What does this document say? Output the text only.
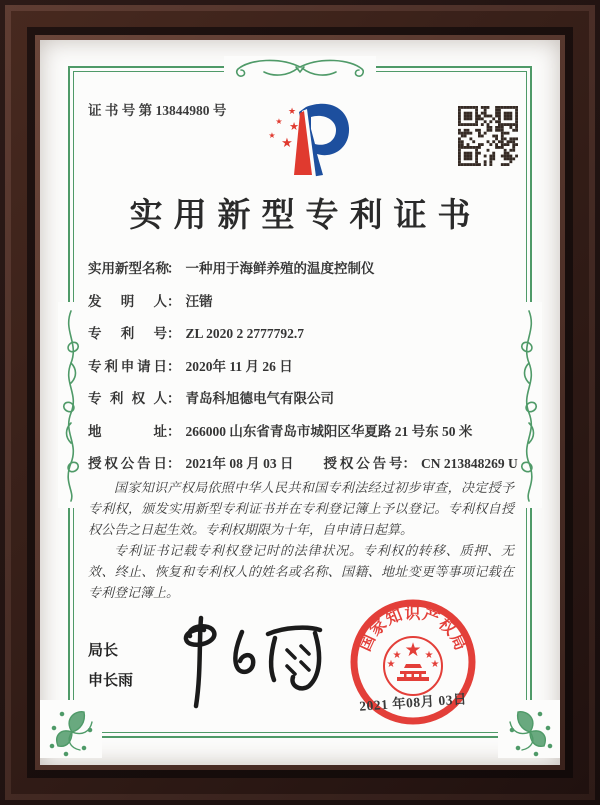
证 书 号 第 13844980 号	★
★ ★
★
★
实用新型专利证书
实用新型名称： 一种用于海鲜养殖的温度控制仪
发明人： 汪锴
专利号： ZL 2020 2 2777792.7
专利申请日： 2020年 11 月 26 日
专利权人： 青岛科旭德电气有限公司
地址： 266000 山东省青岛市城阳区华夏路 21 号东 50 米
授权公告日： 2021年 08 月 03 日 授权公告号： CN 213848269 U

国家知识产权局依照中华人民共和国专利法经过初步审查，决定授予专利权，颁发实用新型专利证书并在专利登记簿上予以登记。专利权自授权公告之日起生效。专利权期限为十年，自申请日起算。

专利证书记载专利权登记时的法律状况。专利权的转移、质押、无效、终止、恢复和专利权人的姓名或名称、国籍、地址变更等事项记载在专利登记簿上。

局长
申长雨
国家知识产权局
★
★ ★
★	★
2021 年08月 03日
